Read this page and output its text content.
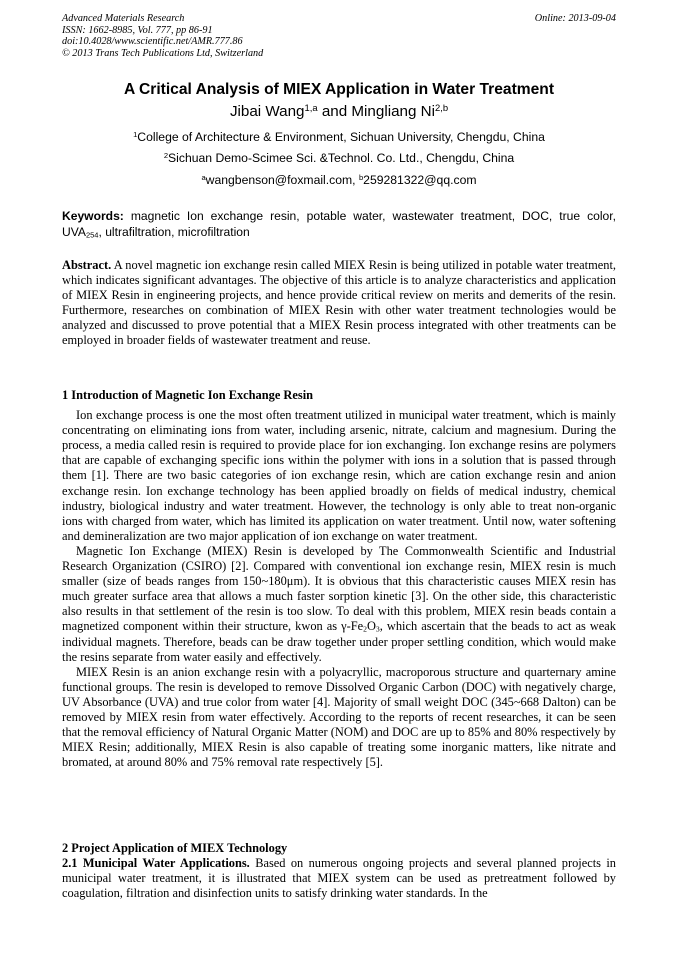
Advanced Materials Research
ISSN: 1662-8985, Vol. 777, pp 86-91
doi:10.4028/www.scientific.net/AMR.777.86
© 2013 Trans Tech Publications Ltd, Switzerland
Online: 2013-09-04
A Critical Analysis of MIEX Application in Water Treatment
Jibai Wang$^{1,a}$ and Mingliang Ni$^{2,b}$
$^1$College of Architecture & Environment, Sichuan University, Chengdu, China
$^2$Sichuan Demo-Scimee Sci. &Technol. Co. Ltd., Chengdu, China
$^a$wangbenson@foxmail.com, $^b$259281322@qq.com
Keywords: magnetic Ion exchange resin, potable water, wastewater treatment, DOC, true color, $UVA_{254}$, ultrafiltration, microfiltration

Abstract. A novel magnetic ion exchange resin called MIEX Resin is being utilized in potable water treatment, which indicates significant advantages. The objective of this article is to analyze characteristics and application of MIEX Resin in engineering projects, and hence provide critical review on merits and demerits of the resin. Furthermore, researches on combination of MIEX Resin with other water treatment technologies would be analyzed and discussed to prove potential that a MIEX Resin process integrated with other treatments can be employed in broader fields of wastewater treatment and reuse.

1 Introduction of Magnetic Ion Exchange Resin

Ion exchange process is one the most often treatment utilized in municipal water treatment, which is mainly concentrating on eliminating ions from water, including arsenic, nitrate, calcium and magnesium. During the process, a media called resin is required to provide place for ion exchanging. Ion exchange resins are polymers that are capable of exchanging specific ions within the polymer with ions in a solution that is passed through them [1]. There are two basic categories of ion exchange resin, which are cation exchange resin and anion exchange resin. Ion exchange technology has been applied broadly on fields of medical industry, chemical industry, biological industry and water treatment. However, the technology is only able to treat non-organic ions with charged from water, which has limited its application on water treatment. Until now, water softening and demineralization are two major application of ion exchange on water treatment.

Magnetic Ion Exchange (MIEX) Resin is developed by The Commonwealth Scientific and Industrial Research Organization (CSIRO) [2]. Compared with conventional ion exchange resin, MIEX resin is much smaller (size of beads ranges from 150~180μm). It is obvious that this characteristic causes MIEX resin has much greater surface area that allows a much faster sorption kinetic [3]. On the other side, this characteristic also results in that settlement of the resin is too slow. To deal with this problem, MIEX resin beads contain a magnetized component within their structure, kwon as $\gamma-Fe_2O_3$, which ascertain that the beads to act as weak individual magnets. Therefore, beads can be draw together under proper settling condition, which would make the resins separate from water easily and effectively.

MIEX Resin is an anion exchange resin with a polyacryllic, macroporous structure and quarternary amine functional groups. The resin is developed to remove Dissolved Organic Carbon (DOC) with negatively charge, UV Absorbance (UVA) and true color from water [4]. Majority of small weight DOC (345~668 Dalton) can be removed by MIEX resin from water effectively. According to the reports of recent researches, it can be seen that the removal efficiency of Natural Organic Matter (NOM) and DOC are up to 85% and 80% respectively by MIEX Resin; additionally, MIEX Resin is also capable of treating some inorganic matters, like nitrate and bromated, at around 80% and 75% removal rate respectively [5].

2 Project Application of MIEX Technology

2.1 Municipal Water Applications. Based on numerous ongoing projects and several planned projects in municipal water treatment, it is illustrated that MIEX system can be used as pretreatment followed by coagulation, filtration and disinfection units to satisfy drinking water standards. In the
